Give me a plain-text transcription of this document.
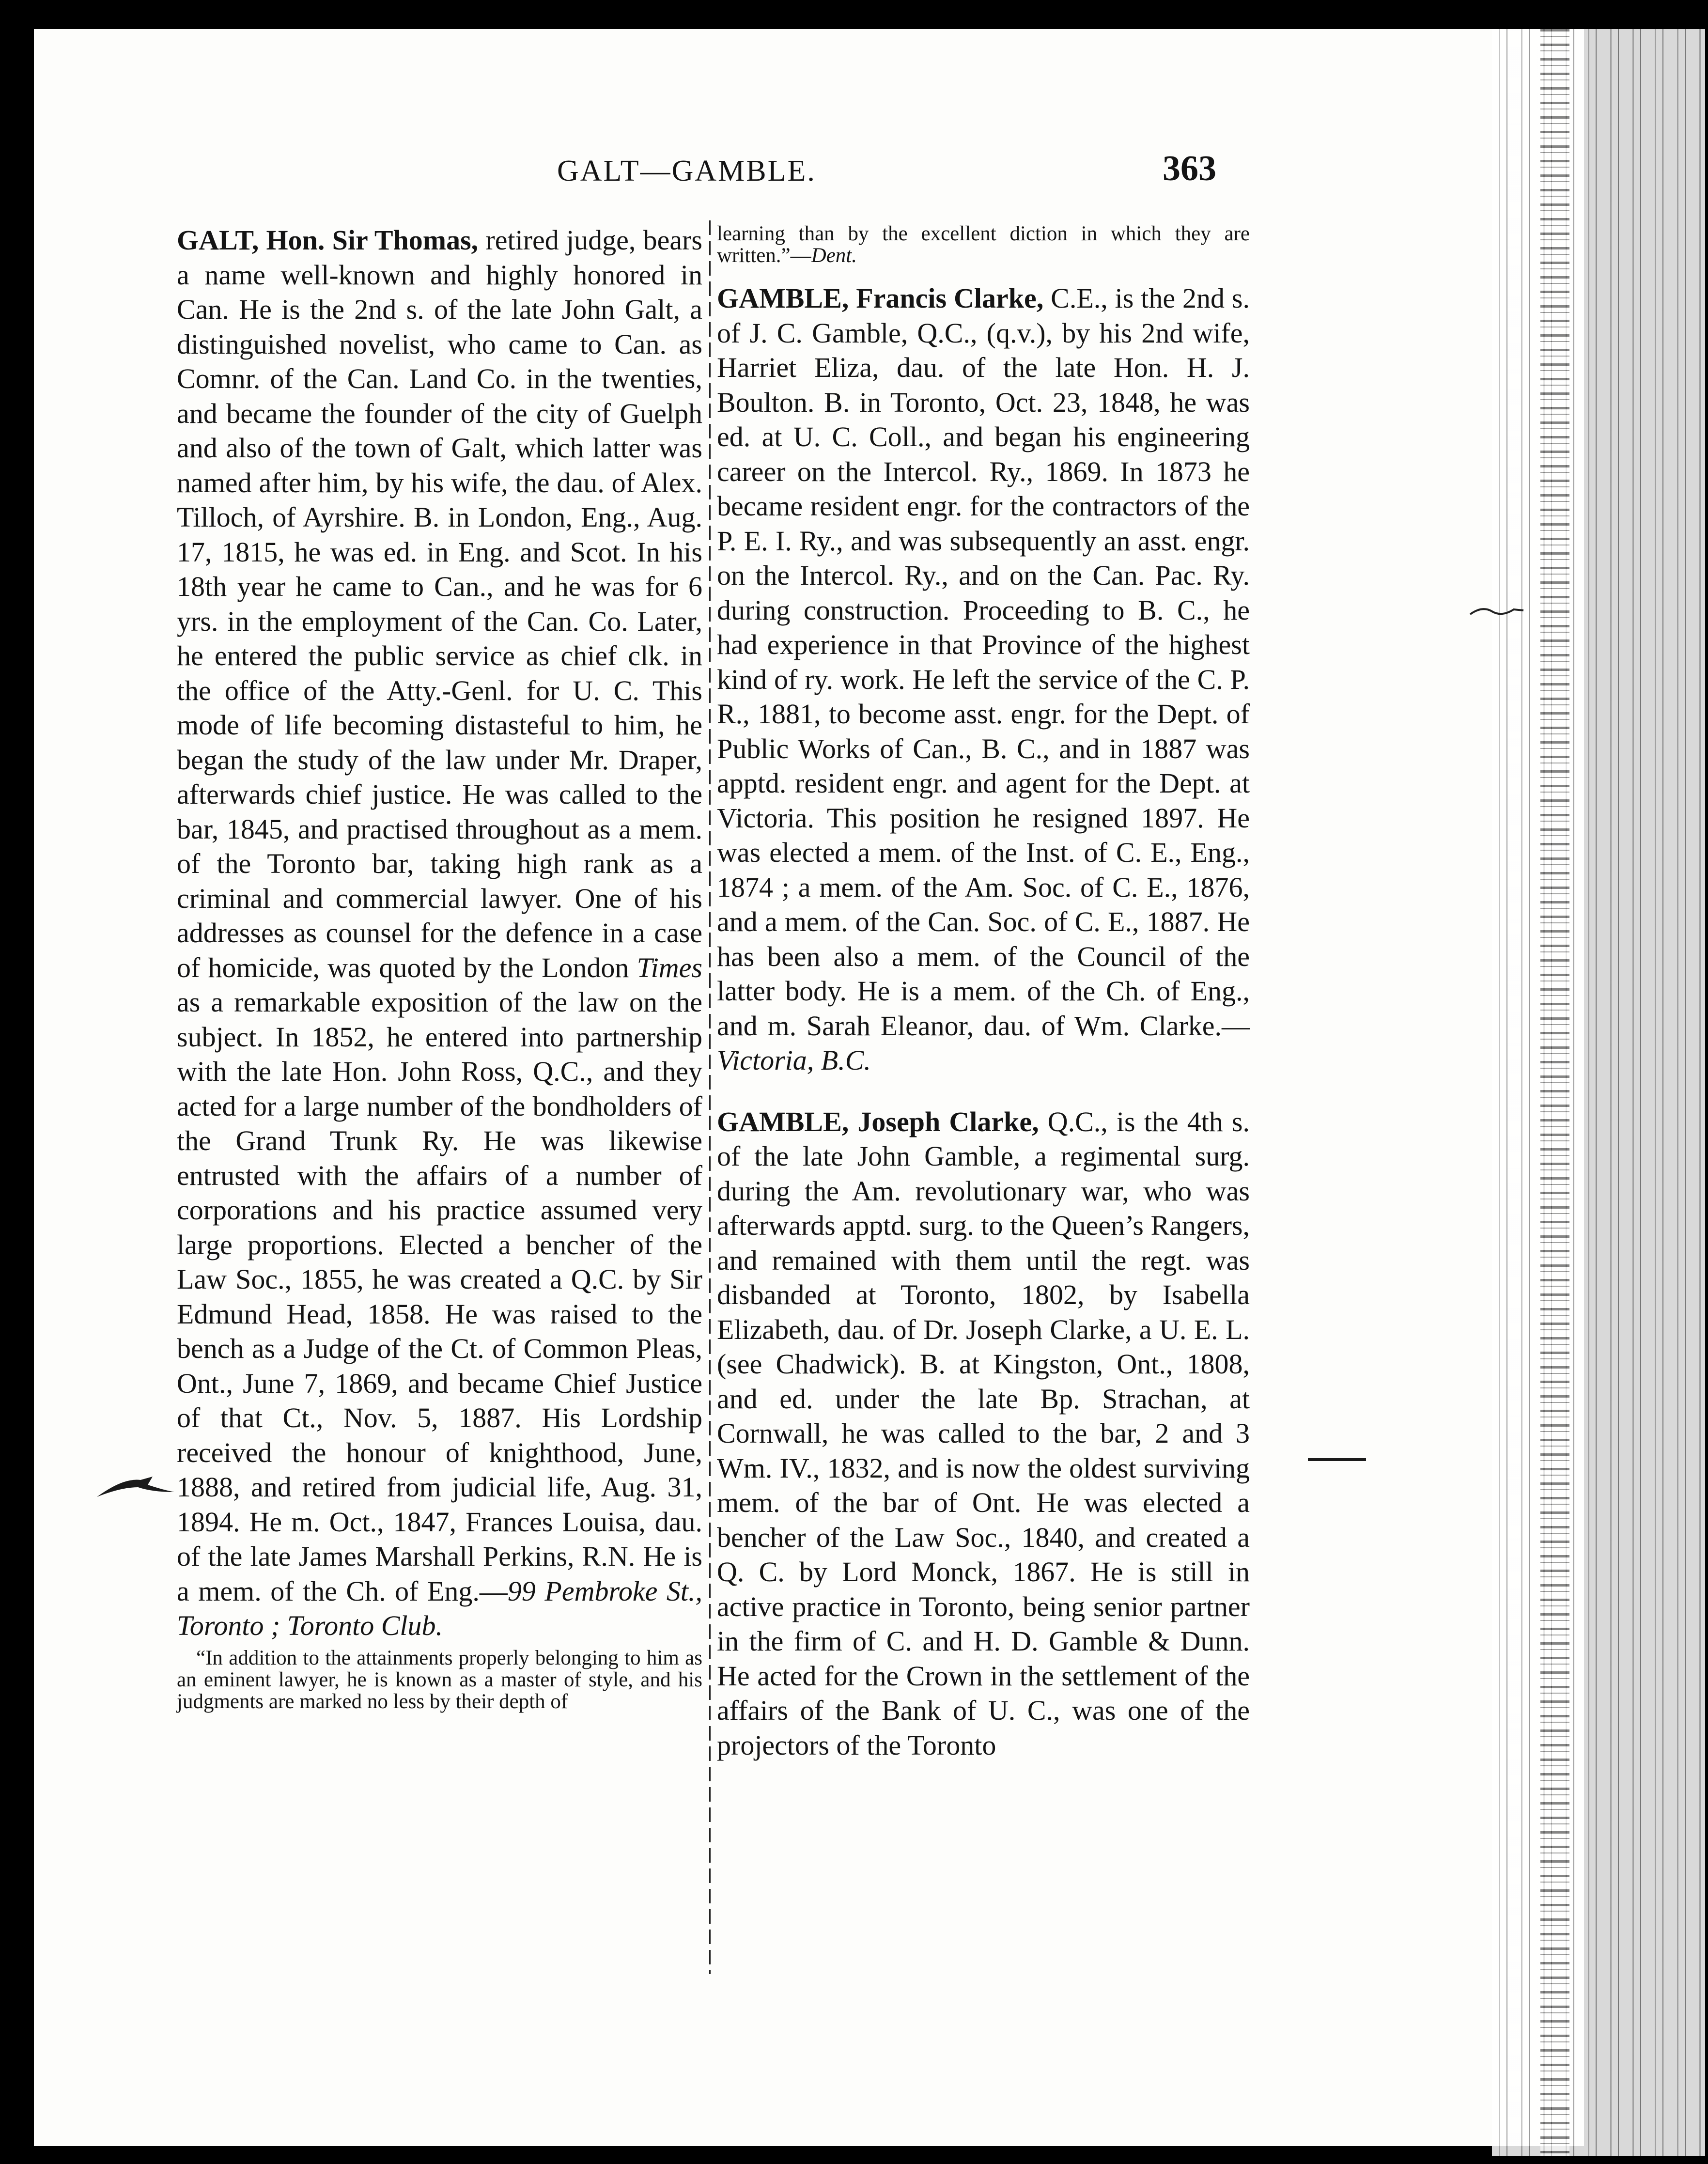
GALT—GAMBLE.	363

GALT, Hon. Sir Thomas, retired judge, bears a name well-known and highly honored in Can. He is the 2nd s. of the late John Galt, a distinguished novelist, who came to Can. as Comnr. of the Can. Land Co. in the twenties, and became the founder of the city of Guelph and also of the town of Galt, which latter was named after him, by his wife, the dau. of Alex. Tilloch, of Ayrshire. B. in London, Eng., Aug. 17, 1815, he was ed. in Eng. and Scot. In his 18th year he came to Can., and he was for 6 yrs. in the employment of the Can. Co. Later, he entered the public service as chief clk. in the office of the Atty.-Genl. for U. C. This mode of life becoming distasteful to him, he began the study of the law under Mr. Draper, afterwards chief justice. He was called to the bar, 1845, and practised throughout as a mem. of the Toronto bar, taking high rank as a criminal and commercial lawyer. One of his addresses as counsel for the defence in a case of homicide, was quoted by the London Times as a remarkable exposition of the law on the subject. In 1852, he entered into partnership with the late Hon. John Ross, Q.C., and they acted for a large number of the bondholders of the Grand Trunk Ry. He was likewise entrusted with the affairs of a number of corporations and his practice assumed very large proportions. Elected a bencher of the Law Soc., 1855, he was created a Q.C. by Sir Edmund Head, 1858. He was raised to the bench as a Judge of the Ct. of Common Pleas, Ont., June 7, 1869, and became Chief Justice of that Ct., Nov. 5, 1887. His Lordship received the honour of knighthood, June, 1888, and retired from judicial life, Aug. 31, 1894. He m. Oct., 1847, Frances Louisa, dau. of the late James Marshall Perkins, R.N. He is a mem. of the Ch. of Eng.—99 Pembroke St., Toronto ; Toronto Club.

“In addition to the attainments properly belonging to him as an eminent lawyer, he is known as a master of style, and his judgments are marked no less by their depth of

learning than by the excellent diction in which they are written.”—Dent.

GAMBLE, Francis Clarke, C.E., is the 2nd s. of J. C. Gamble, Q.C., (q.v.), by his 2nd wife, Harriet Eliza, dau. of the late Hon. H. J. Boulton. B. in Toronto, Oct. 23, 1848, he was ed. at U. C. Coll., and began his engineering career on the Intercol. Ry., 1869. In 1873 he became resident engr. for the contractors of the P. E. I. Ry., and was subsequently an asst. engr. on the Intercol. Ry., and on the Can. Pac. Ry. during construction. Proceeding to B. C., he had experience in that Province of the highest kind of ry. work. He left the service of the C. P. R., 1881, to become asst. engr. for the Dept. of Public Works of Can., B. C., and in 1887 was apptd. resident engr. and agent for the Dept. at Victoria. This position he resigned 1897. He was elected a mem. of the Inst. of C. E., Eng., 1874 ; a mem. of the Am. Soc. of C. E., 1876, and a mem. of the Can. Soc. of C. E., 1887. He has been also a mem. of the Council of the latter body. He is a mem. of the Ch. of Eng., and m. Sarah Eleanor, dau. of Wm. Clarke.—Victoria, B.C.

GAMBLE, Joseph Clarke, Q.C., is the 4th s. of the late John Gamble, a regimental surg. during the Am. revolutionary war, who was afterwards apptd. surg. to the Queen’s Rangers, and remained with them until the regt. was disbanded at Toronto, 1802, by Isabella Elizabeth, dau. of Dr. Joseph Clarke, a U. E. L. (see Chadwick). B. at Kingston, Ont., 1808, and ed. under the late Bp. Strachan, at Cornwall, he was called to the bar, 2 and 3 Wm. IV., 1832, and is now the oldest surviving mem. of the bar of Ont. He was elected a bencher of the Law Soc., 1840, and created a Q. C. by Lord Monck, 1867. He is still in active practice in Toronto, being senior partner in the firm of C. and H. D. Gamble & Dunn. He acted for the Crown in the settlement of the affairs of the Bank of U. C., was one of the projectors of the Toronto
